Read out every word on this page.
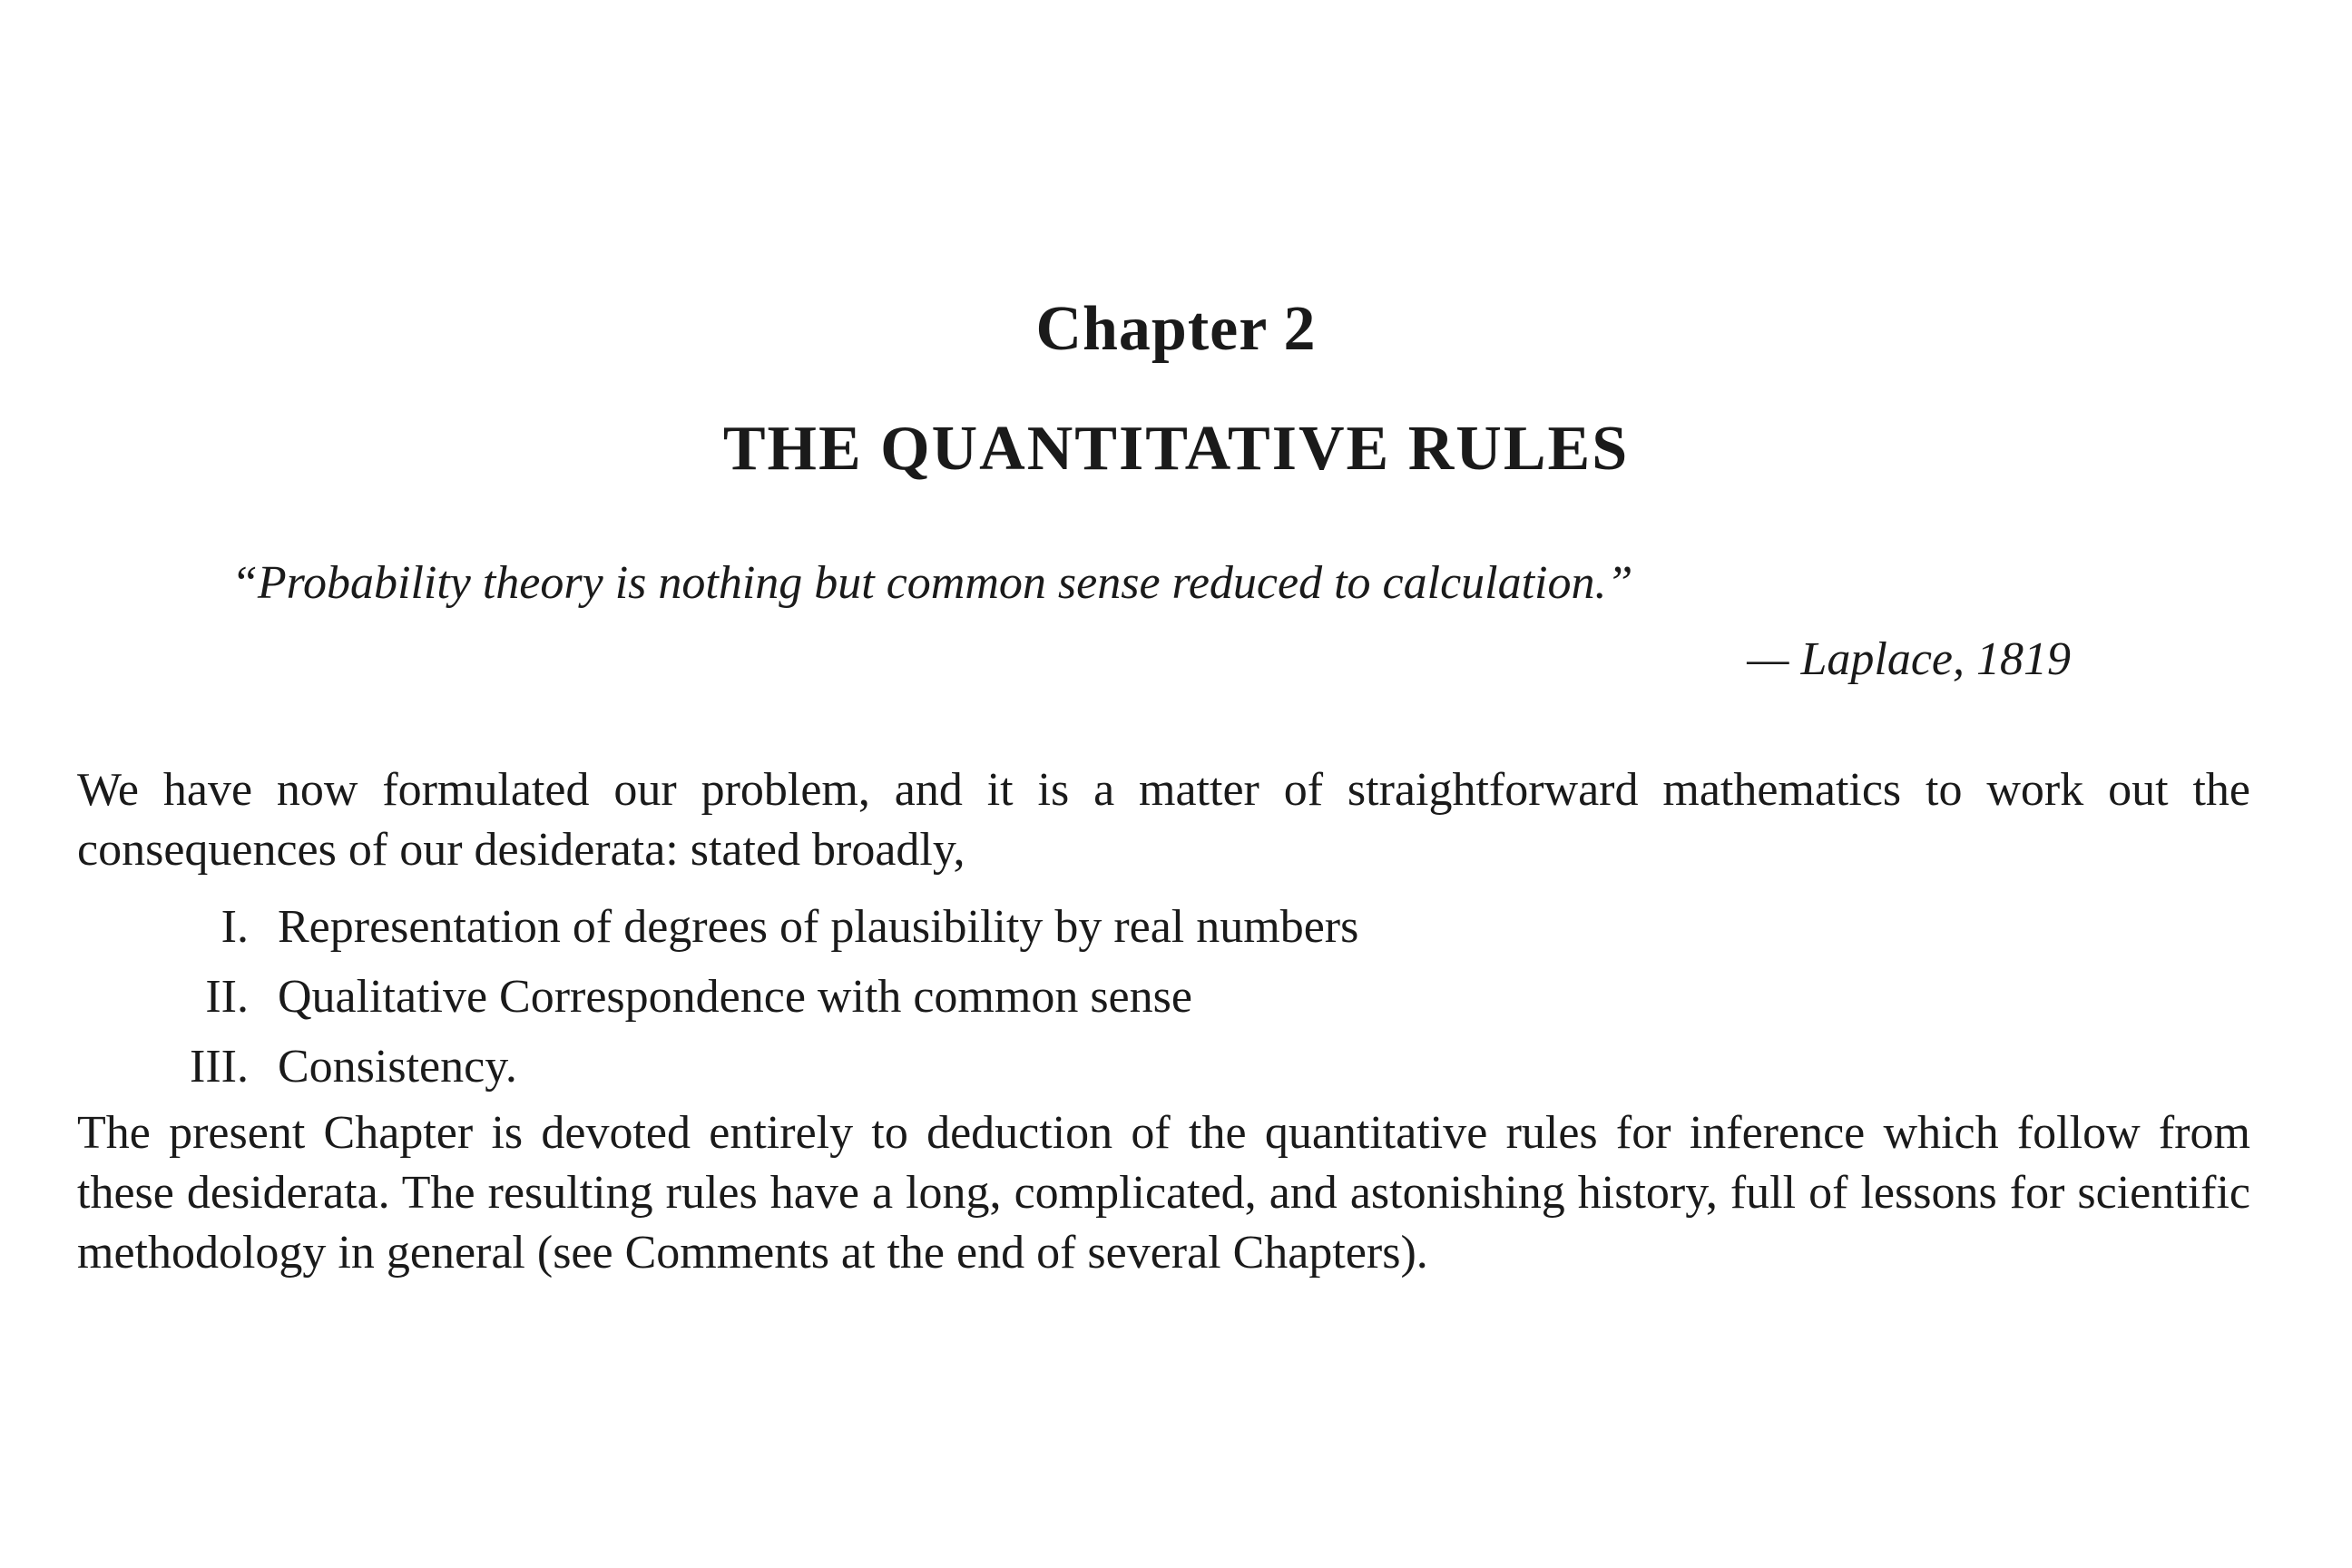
Chapter 2
THE QUANTITATIVE RULES
“Probability theory is nothing but common sense reduced to calculation.”
— Laplace, 1819
We have now formulated our problem, and it is a matter of straightforward mathematics to work out the consequences of our desiderata: stated broadly,
I. Representation of degrees of plausibility by real numbers
II. Qualitative Correspondence with common sense
III. Consistency.
The present Chapter is devoted entirely to deduction of the quantitative rules for inference which follow from these desiderata. The resulting rules have a long, complicated, and astonishing history, full of lessons for scientific methodology in general (see Comments at the end of several Chapters).
